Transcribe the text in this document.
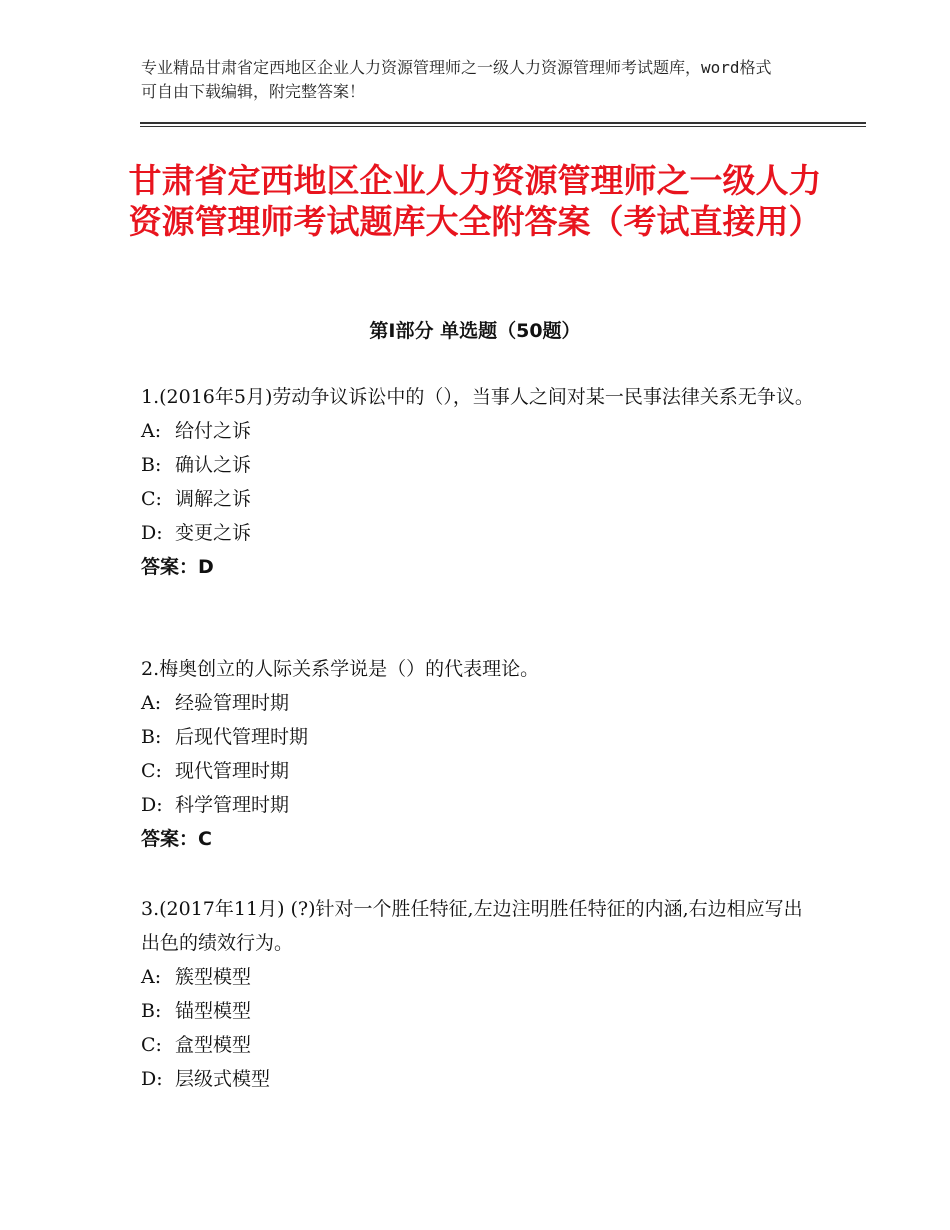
专业精品甘肃省定西地区企业人力资源管理师之一级人力资源管理师考试题库，word格式可自由下载编辑，附完整答案！
甘肃省定西地区企业人力资源管理师之一级人力资源管理师考试题库大全附答案（考试直接用）
第Ⅰ部分 单选题（50题）

1.(2016年5月)劳动争议诉讼中的（），当事人之间对某一民事法律关系无争议。

A: 给付之诉
B: 确认之诉
C: 调解之诉
D: 变更之诉
答案：D

2.梅奥创立的人际关系学说是（）的代表理论。

A: 经验管理时期
B: 后现代管理时期
C: 现代管理时期
D: 科学管理时期
答案：C

3.(2017年11月) (?)针对一个胜任特征,左边注明胜任特征的内涵,右边相应写出出色的绩效行为。

A: 簇型模型
B: 锚型模型
C: 盒型模型
D: 层级式模型
